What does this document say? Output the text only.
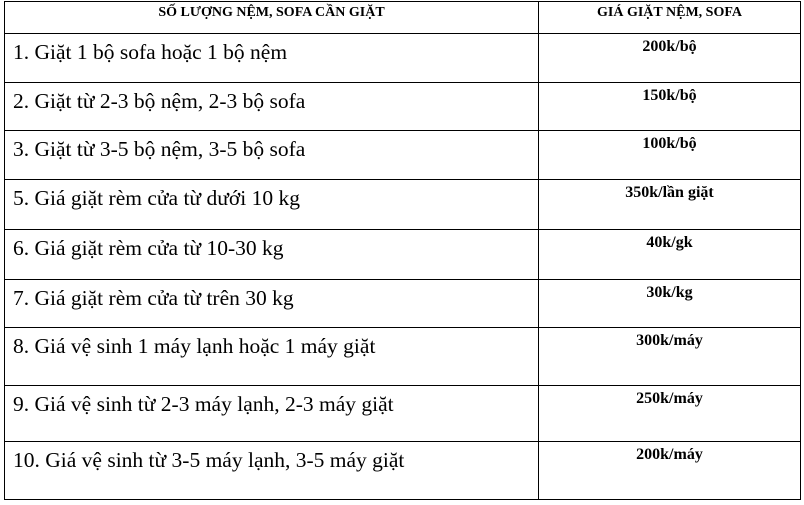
SỐ LƯỢNG NỆM, SOFA CẦN GIẶT	GIÁ GIẶT NỆM, SOFA
1. Giặt 1 bộ sofa hoặc 1 bộ nệm	200k/bộ
2. Giặt từ 2-3 bộ nệm, 2-3 bộ sofa	150k/bộ
3. Giặt từ 3-5 bộ nệm, 3-5 bộ sofa	100k/bộ
5. Giá giặt rèm cửa từ dưới 10 kg	350k/lần giặt
6. Giá giặt rèm cửa từ 10-30 kg	40k/gk
7. Giá giặt rèm cửa từ trên 30 kg	30k/kg
8. Giá vệ sinh 1 máy lạnh hoặc 1 máy giặt	300k/máy
9. Giá vệ sinh từ 2-3 máy lạnh, 2-3 máy giặt	250k/máy
10. Giá vệ sinh từ 3-5 máy lạnh, 3-5 máy giặt	200k/máy
